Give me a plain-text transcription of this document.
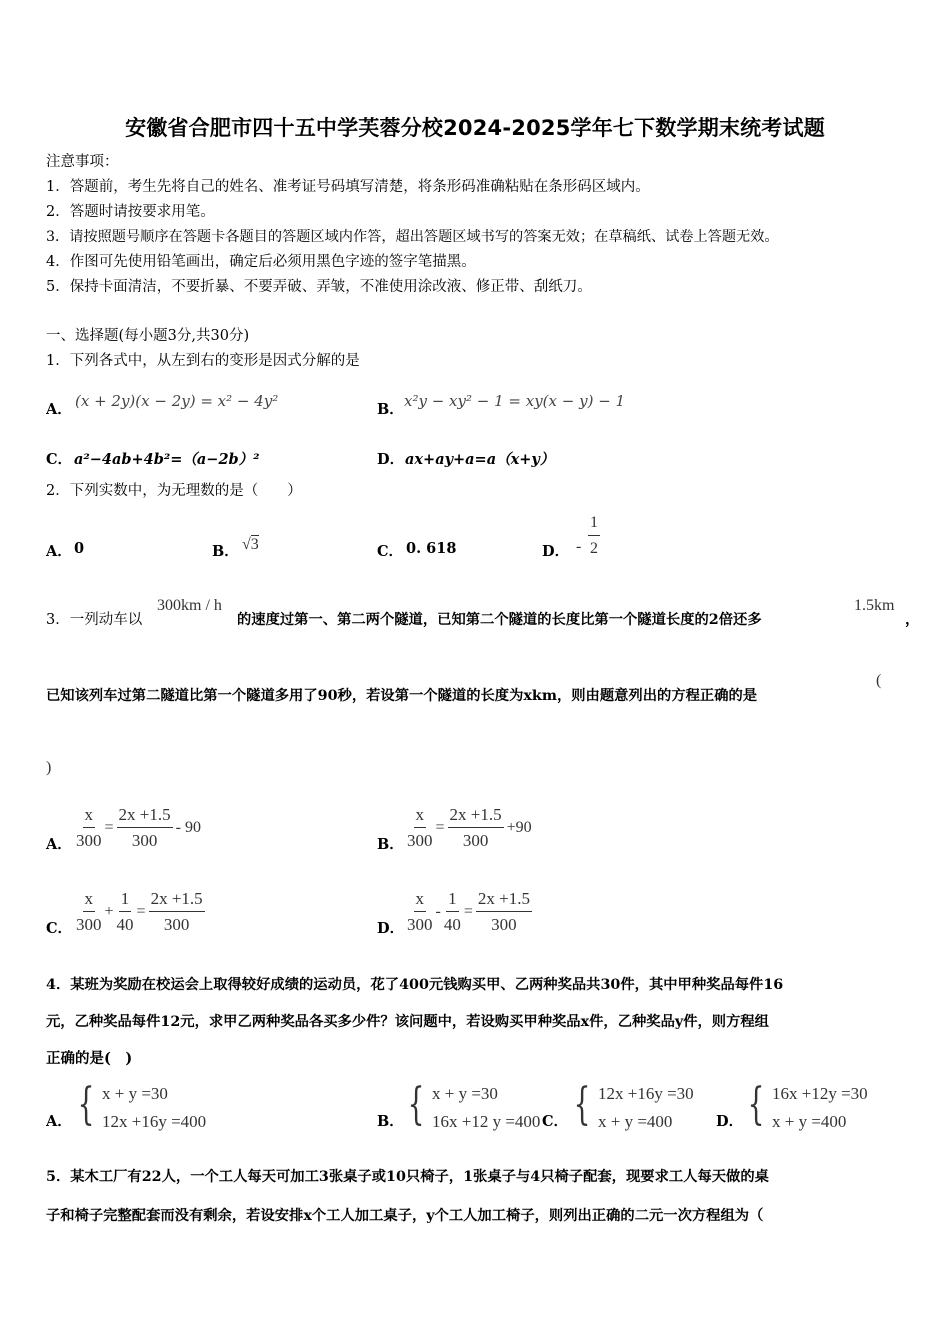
安徽省合肥市四十五中学芙蓉分校2024-2025学年七下数学期末统考试题
注意事项：
1．答题前，考生先将自己的姓名、准考证号码填写清楚，将条形码准确粘贴在条形码区域内。
2．答题时请按要求用笔。
3．请按照题号顺序在答题卡各题目的答题区域内作答，超出答题区域书写的答案无效；在草稿纸、试卷上答题无效。
4．作图可先使用铅笔画出，确定后必须用黑色字迹的签字笔描黑。
5．保持卡面清洁，不要折暴、不要弄破、弄皱，不准使用涂改液、修正带、刮纸刀。
一、选择题(每小题3分,共30分)
1．下列各式中，从左到右的变形是因式分解的是
A． (x + 2y)(x − 2y) = x² − 4y²	B． x²y − xy² − 1 = xy(x − y) − 1
C． a²−4ab+4b²=（a−2b）²	D． ax+ay+a=a（x+y）
2．下列实数中，为无理数的是（　　）
A． 0	B． √3	C． 0. 618	D． - $\frac{1}{2}$
3．一列动车以
300km / h
的速度过第一、第二两个隧道，已知第二个隧道的长度比第一个隧道长度的2倍还多
1.5km
，
已知该列车过第二隧道比第一个隧道多用了90秒，若设第一个隧道的长度为xkm，则由题意列出的方程正确的是
(
)
A． $\frac{x}{300} = \frac{2x +1.5}{300} - 90$
B． $\frac{x}{300} = \frac{2x +1.5}{300} +90$
C． $\frac{x}{300} + \frac{1}{40} = \frac{2x +1.5}{300}$	D． $\frac{x}{300} - \frac{1}{40} = \frac{2x +1.5}{300}$
4．某班为奖励在校运会上取得较好成绩的运动员，花了400元钱购买甲、乙两种奖品共30件，其中甲种奖品每件16
元，乙种奖品每件12元，求甲乙两种奖品各买多少件？该问题中，若设购买甲种奖品x件，乙种奖品y件，则方程组
正确的是(　)
A． { x + y =30
12x +16y =400	B． { x + y =30
16x +12 y =400 C． { 12x +16y =30
x + y =400	D． { 16x +12y =30
x + y =400
5．某木工厂有22人，一个工人每天可加工3张桌子或10只椅子，1张桌子与4只椅子配套，现要求工人每天做的桌
子和椅子完整配套而没有剩余，若设安排x个工人加工桌子，y个工人加工椅子，则列出正确的二元一次方程组为（
